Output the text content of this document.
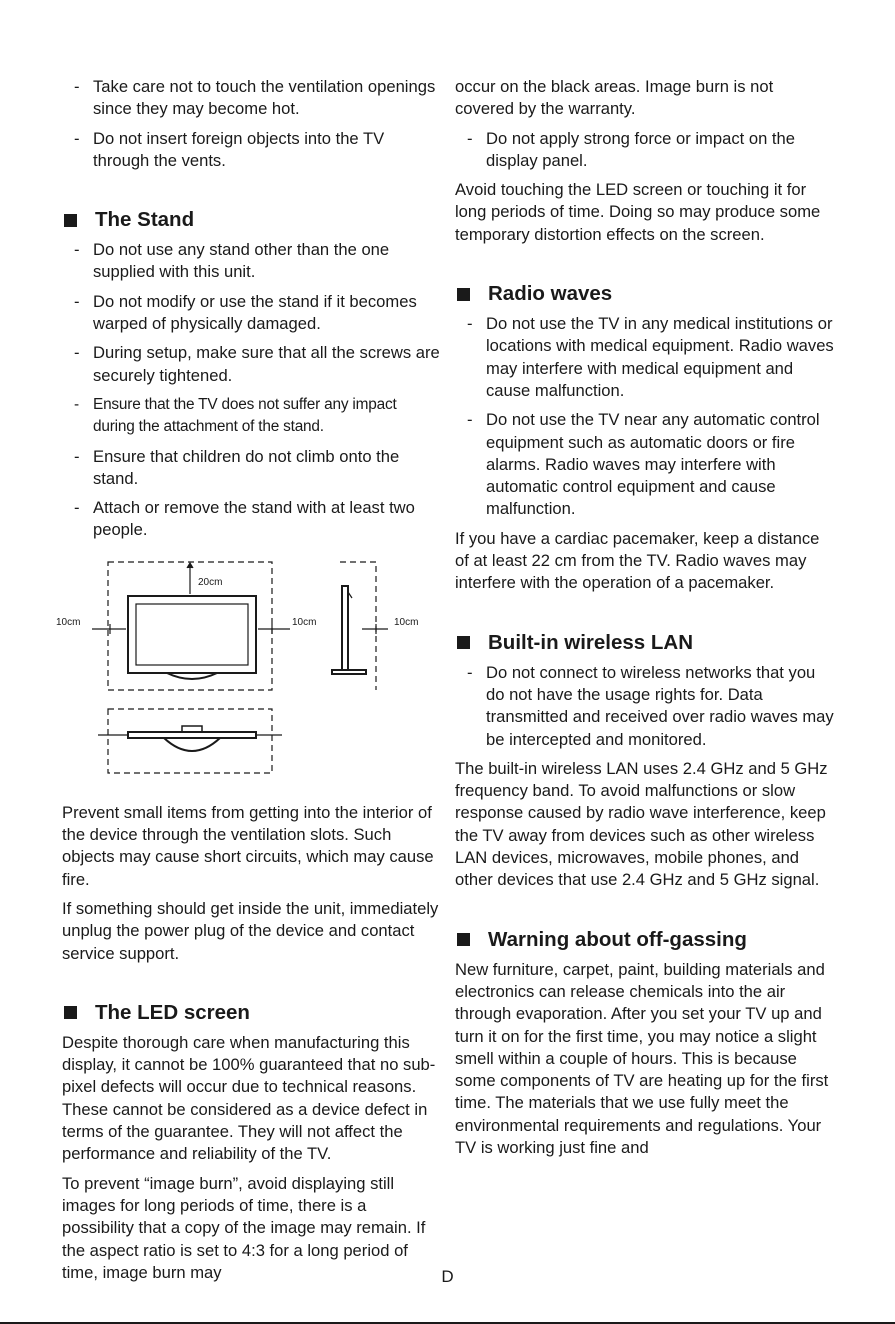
- Take care not to touch the ventilation openings since they may become hot.
- Do not insert foreign objects into the TV through the vents.
The Stand
- Do not use any stand other than the one supplied with this unit.
- Do not modify or use the stand if it becomes warped of physically damaged.
- During setup, make sure that all the screws are securely tightened.
- Ensure that the TV does not suffer any impact during the attachment of the stand.
- Ensure that children do not climb onto the stand.
- Attach or remove the stand with at least two people.
20cm
10cm	10cm	10cm

Prevent small items from getting into the interior of the device through the ventilation slots. Such objects may cause short circuits, which may cause fire.

If something should get inside the unit, immediately unplug the power plug of the device and contact service support.

The LED screen

Despite thorough care when manufacturing this display, it cannot be 100% guaranteed that no sub-pixel defects will occur due to technical reasons. These cannot be considered as a device defect in terms of the guarantee. They will not affect the performance and reliability of the TV.

To prevent “image burn”, avoid displaying still images for long periods of time, there is a possibility that a copy of the image may remain. If the aspect ratio is set to 4:3 for a long period of time, image burn may

occur on the black areas. Image burn is not covered by the warranty.

- Do not apply strong force or impact on the display panel.

Avoid touching the LED screen or touching it for long periods of time. Doing so may produce some temporary distortion effects on the screen.

Radio waves
- Do not use the TV in any medical institutions or locations with medical equipment. Radio waves may interfere with medical equipment and cause malfunction.
- Do not use the TV near any automatic control equipment such as automatic doors or fire alarms. Radio waves may interfere with automatic control equipment and cause malfunction.

If you have a cardiac pacemaker, keep a distance of at least 22 cm from the TV. Radio waves may interfere with the operation of a pacemaker.

Built-in wireless LAN
- Do not connect to wireless networks that you do not have the usage rights for. Data transmitted and received over radio waves may be intercepted and monitored.

The built-in wireless LAN uses 2.4 GHz and 5 GHz frequency band. To avoid malfunctions or slow response caused by radio wave interference, keep the TV away from devices such as other wireless LAN devices, microwaves, mobile phones, and other devices that use 2.4 GHz and 5 GHz signal.

Warning about off-gassing

New furniture, carpet, paint, building materials and electronics can release chemicals into the air through evaporation. After you set your TV up and turn it on for the first time, you may notice a slight smell within a couple of hours. This is because some components of TV are heating up for the first time. The materials that we use fully meet the environmental requirements and regulations. Your TV is working just fine and

D
